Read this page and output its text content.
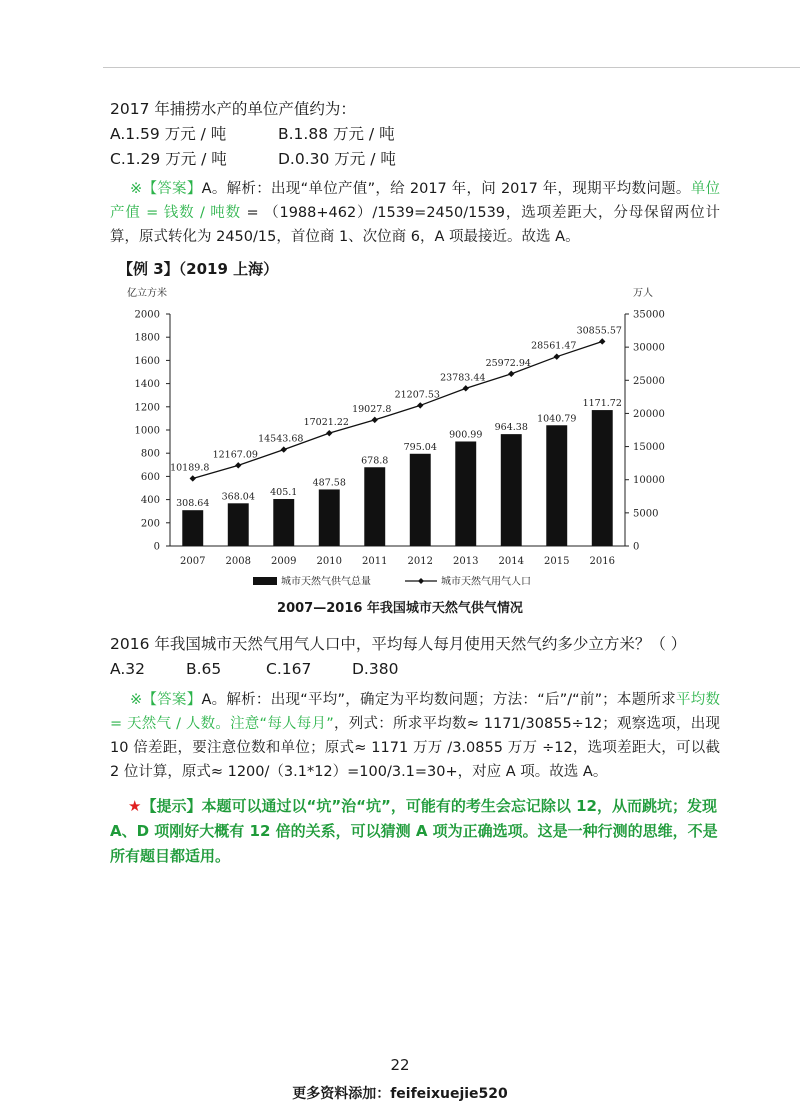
2017 年捕捞水产的单位产值约为：
A.1.59 万元 / 吨	B.1.88 万元 / 吨
C.1.29 万元 / 吨	D.0.30 万元 / 吨
※【答案】A。解析：出现“单位产值”，给 2017 年，问 2017 年，现期平均数问题。单位产值 = 钱数 / 吨数 = （1988+462）/1539=2450/1539，选项差距大，分母保留两位计算，原式转化为 2450/15，首位商 1、次位商 6，A 项最接近。故选 A。
【例 3】（2019 上海）
亿立方米	万人
0
200
400
600
800
1000
1200
1400
1600
1800
2000
0
5000
10000
15000
20000
25000
30000
35000
2007 2008 2009 2010 2011 2012 2013 2014 2015 2016
308.64
368.04 405.1
487.58
678.8
795.04
900.99
964.38
1040.79
1171.72
10189.8
12167.09
14543.68
17021.22
19027.8
21207.53
23783.44
25972.94
28561.47
30855.57
城市天然气供气总量	城市天然气用气人口
2007—2016 年我国城市天然气供气情况
2016 年我国城市天然气用气人口中，平均每人每月使用天然气约多少立方米？（ ）
A.32	B.65	C.167	D.380
※【答案】A。解析：出现“平均”，确定为平均数问题；方法：“后”/“前”；本题所求平均数 = 天然气 / 人数。注意“每人每月”，列式：所求平均数≈ 1171/30855÷12；观察选项，出现 10 倍差距，要注意位数和单位；原式≈ 1171 万万 /3.0855 万万 ÷12，选项差距大，可以截 2 位计算，原式≈ 1200/（3.1*12）=100/3.1=30+，对应 A 项。故选 A。
★【提示】本题可以通过以“坑”治“坑”，可能有的考生会忘记除以 12，从而跳坑；发现 A、D 项刚好大概有 12 倍的关系，可以猜测 A 项为正确选项。这是一种行测的思维，不是所有题目都适用。
22
更多资料添加：feifeixuejie520
